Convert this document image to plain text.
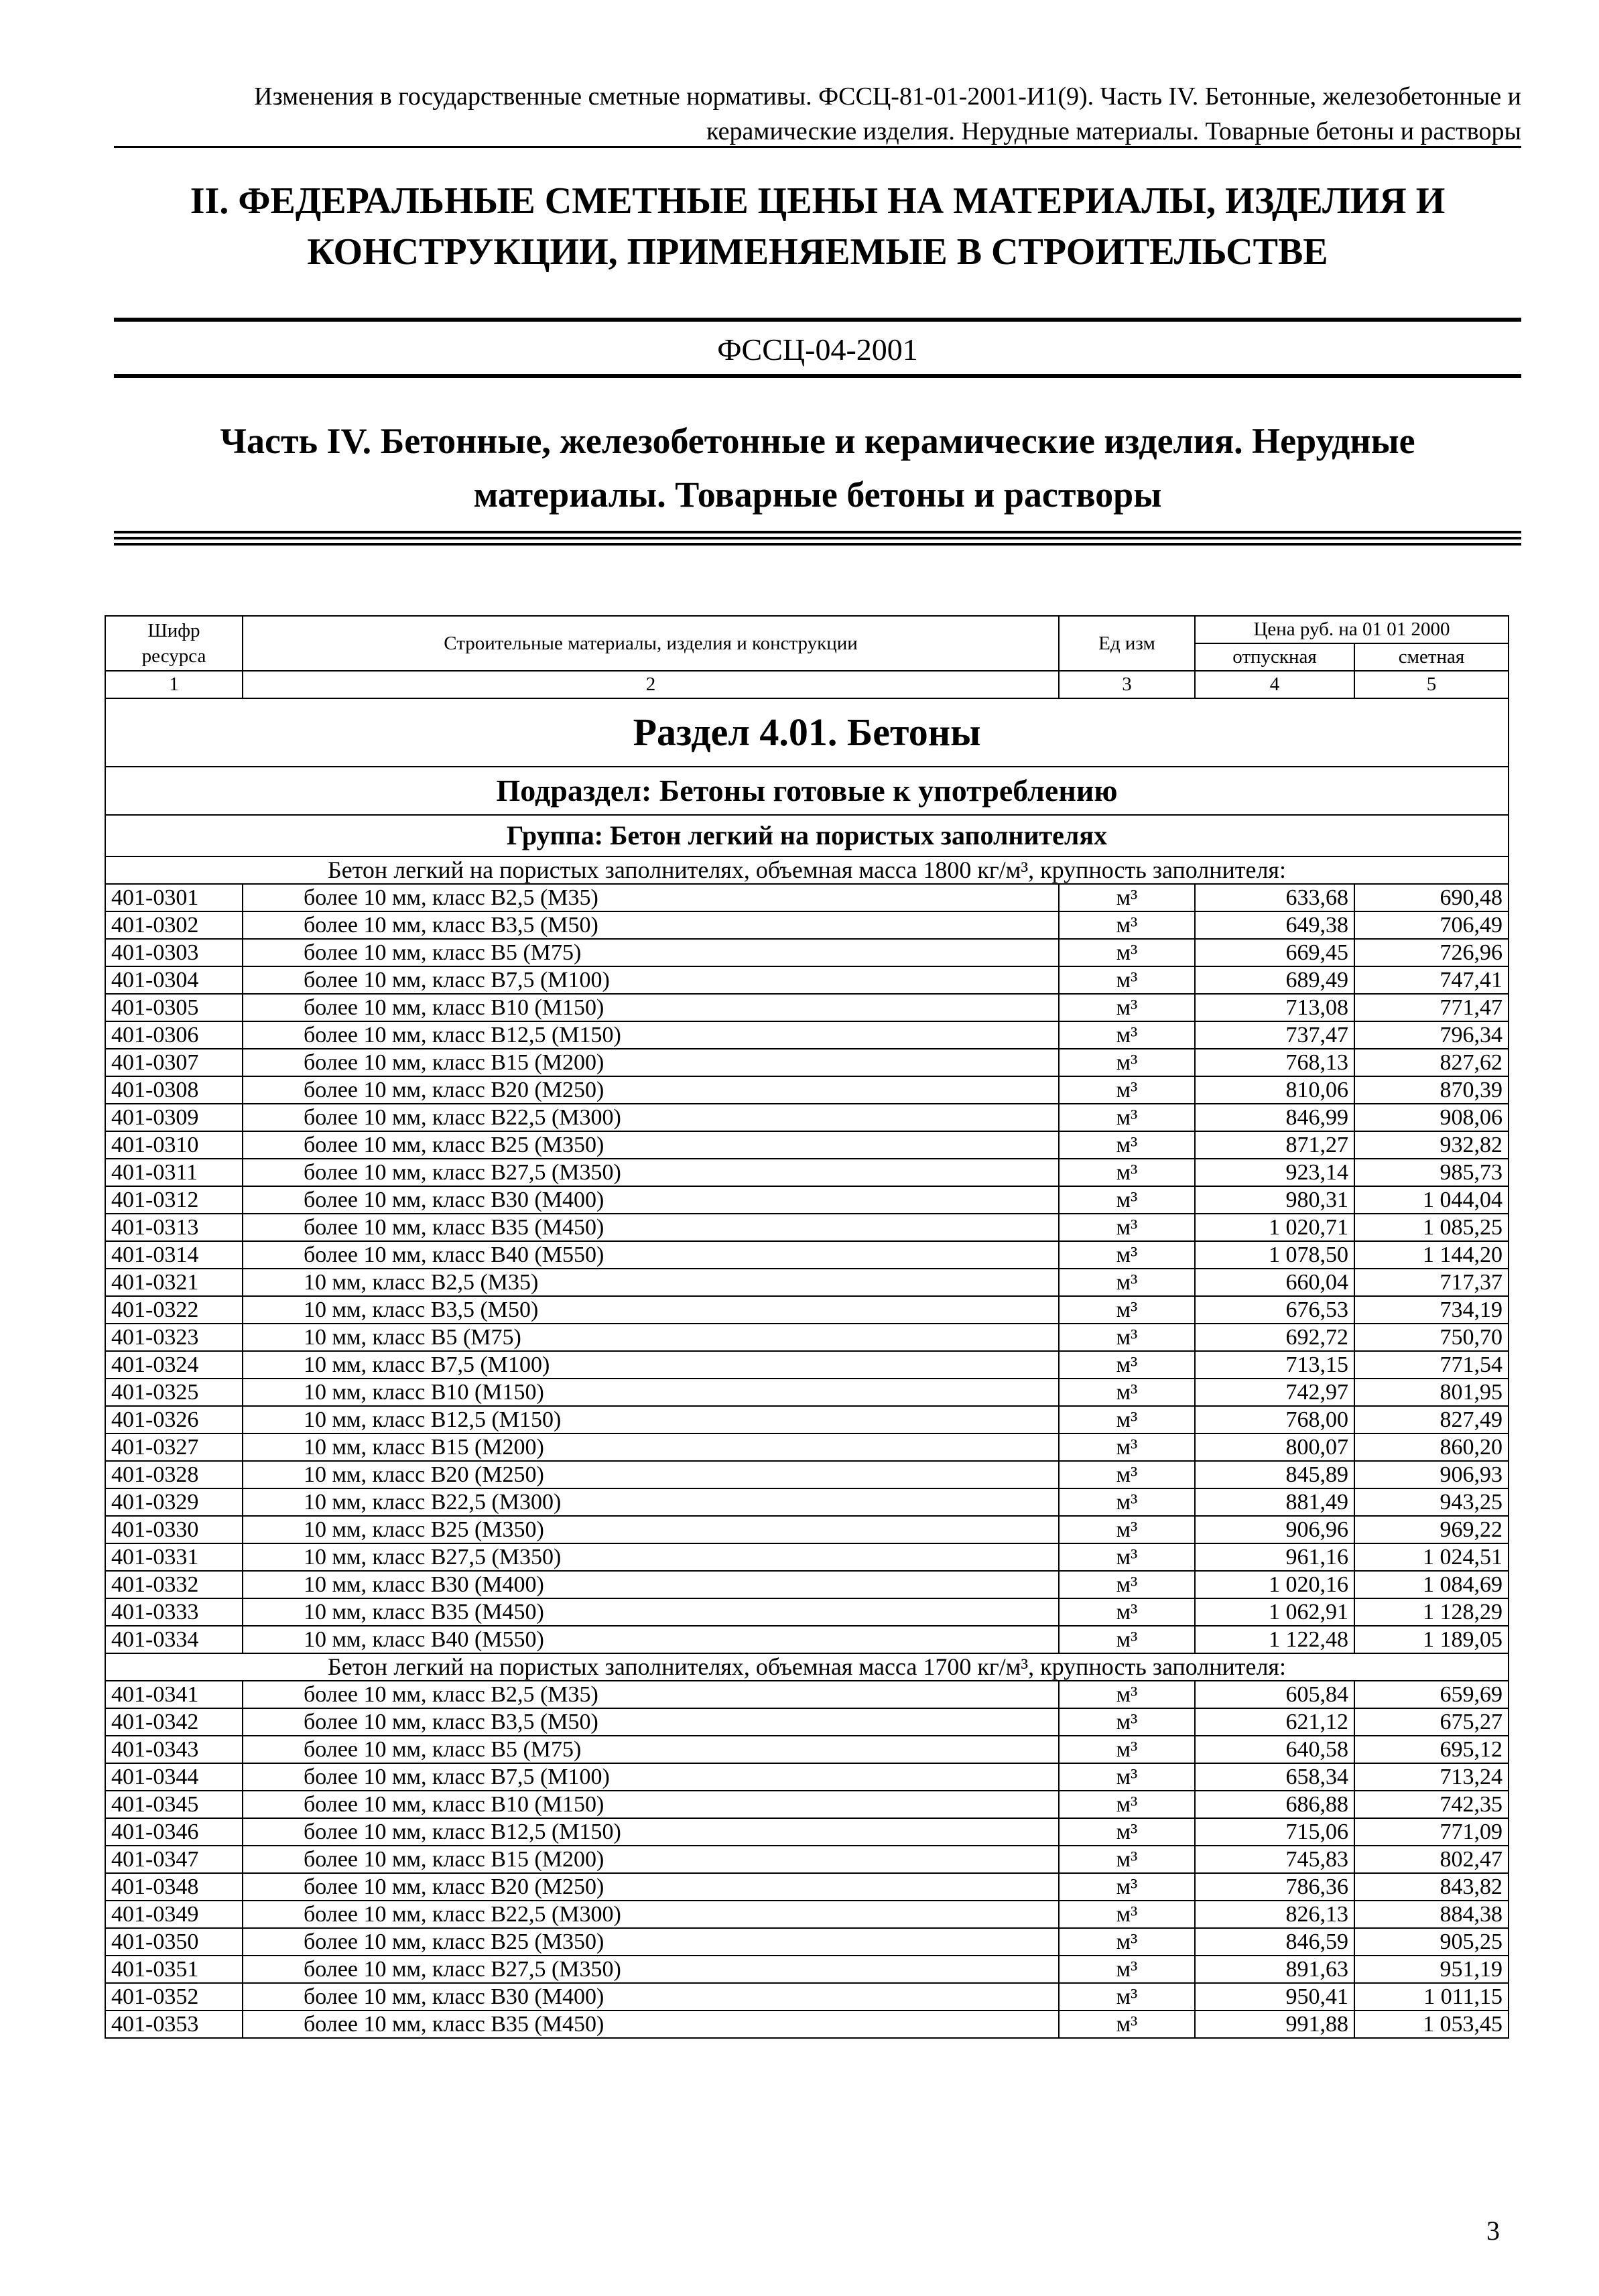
Изменения в государственные сметные нормативы. ФССЦ-81-01-2001-И1(9). Часть IV. Бетонные, железобетонные и
керамические изделия. Нерудные материалы. Товарные бетоны и растворы
II. ФЕДЕРАЛЬНЫЕ СМЕТНЫЕ ЦЕНЫ НА МАТЕРИАЛЫ, ИЗДЕЛИЯ И
КОНСТРУКЦИИ, ПРИМЕНЯЕМЫЕ В СТРОИТЕЛЬСТВЕ
ФССЦ-04-2001
Часть IV. Бетонные, железобетонные и керамические изделия. Нерудные
материалы. Товарные бетоны и растворы
Шифр ресурса	Строительные материалы, изделия и конструкции	Ед изм	Цена руб. на 01 01 2000	
			отпускная	сметная
1	2	3	4	5
Раздел 4.01. Бетоны				
Подраздел: Бетоны готовые к употреблению				
Группа: Бетон легкий на пористых заполнителях				
Бетон легкий на пористых заполнителях, объемная масса 1800 кг/м³, крупность заполнителя:				
401-0301	более 10 мм, класс В2,5 (М35)	м³	633,68	690,48
401-0302	более 10 мм, класс В3,5 (М50)	м³	649,38	706,49
401-0303	более 10 мм, класс В5 (М75)	м³	669,45	726,96
401-0304	более 10 мм, класс В7,5 (М100)	м³	689,49	747,41
401-0305	более 10 мм, класс В10 (М150)	м³	713,08	771,47
401-0306	более 10 мм, класс В12,5 (М150)	м³	737,47	796,34
401-0307	более 10 мм, класс В15 (М200)	м³	768,13	827,62
401-0308	более 10 мм, класс В20 (М250)	м³	810,06	870,39
401-0309	более 10 мм, класс В22,5 (М300)	м³	846,99	908,06
401-0310	более 10 мм, класс В25 (М350)	м³	871,27	932,82
401-0311	более 10 мм, класс В27,5 (М350)	м³	923,14	985,73
401-0312	более 10 мм, класс В30 (М400)	м³	980,31	1 044,04
401-0313	более 10 мм, класс В35 (М450)	м³	1 020,71	1 085,25
401-0314	более 10 мм, класс В40 (М550)	м³	1 078,50	1 144,20
401-0321	10 мм, класс В2,5 (М35)	м³	660,04	717,37
401-0322	10 мм, класс В3,5 (М50)	м³	676,53	734,19
401-0323	10 мм, класс В5 (М75)	м³	692,72	750,70
401-0324	10 мм, класс В7,5 (М100)	м³	713,15	771,54
401-0325	10 мм, класс В10 (М150)	м³	742,97	801,95
401-0326	10 мм, класс В12,5 (М150)	м³	768,00	827,49
401-0327	10 мм, класс В15 (М200)	м³	800,07	860,20
401-0328	10 мм, класс В20 (М250)	м³	845,89	906,93
401-0329	10 мм, класс В22,5 (М300)	м³	881,49	943,25
401-0330	10 мм, класс В25 (М350)	м³	906,96	969,22
401-0331	10 мм, класс В27,5 (М350)	м³	961,16	1 024,51
401-0332	10 мм, класс В30 (М400)	м³	1 020,16	1 084,69
401-0333	10 мм, класс В35 (М450)	м³	1 062,91	1 128,29
401-0334	10 мм, класс В40 (М550)	м³	1 122,48	1 189,05
Бетон легкий на пористых заполнителях, объемная масса 1700 кг/м³, крупность заполнителя:				
401-0341	более 10 мм, класс В2,5 (М35)	м³	605,84	659,69
401-0342	более 10 мм, класс В3,5 (М50)	м³	621,12	675,27
401-0343	более 10 мм, класс В5 (М75)	м³	640,58	695,12
401-0344	более 10 мм, класс В7,5 (М100)	м³	658,34	713,24
401-0345	более 10 мм, класс В10 (М150)	м³	686,88	742,35
401-0346	более 10 мм, класс В12,5 (М150)	м³	715,06	771,09
401-0347	более 10 мм, класс В15 (М200)	м³	745,83	802,47
401-0348	более 10 мм, класс В20 (М250)	м³	786,36	843,82
401-0349	более 10 мм, класс В22,5 (М300)	м³	826,13	884,38
401-0350	более 10 мм, класс В25 (М350)	м³	846,59	905,25
401-0351	более 10 мм, класс В27,5 (М350)	м³	891,63	951,19
401-0352	более 10 мм, класс В30 (М400)	м³	950,41	1 011,15
401-0353	более 10 мм, класс В35 (М450)	м³	991,88	1 053,45
3
